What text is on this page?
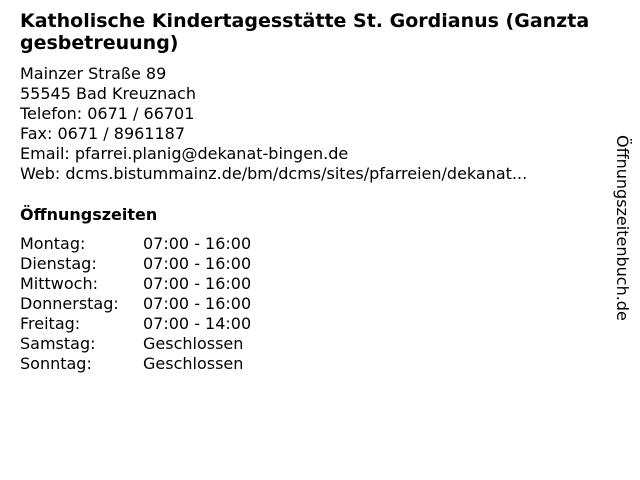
Katholische Kindertagesstätte St. Gordianus (Ganztagesbetreuung)
Mainzer Straße 89
55545 Bad Kreuznach
Telefon: 0671 / 66701
Fax: 0671 / 8961187
Email: pfarrei.planig@dekanat-bingen.de
Web: dcms.bistummainz.de/bm/dcms/sites/pfarreien/dekanat...
Öffnungszeiten
Montag:	07:00 - 16:00
Dienstag:	07:00 - 16:00
Mittwoch:	07:00 - 16:00
Donnerstag:	07:00 - 16:00
Freitag:	07:00 - 14:00
Samstag:	Geschlossen
Sonntag:	Geschlossen
Öffnungszeitenbuch.de
